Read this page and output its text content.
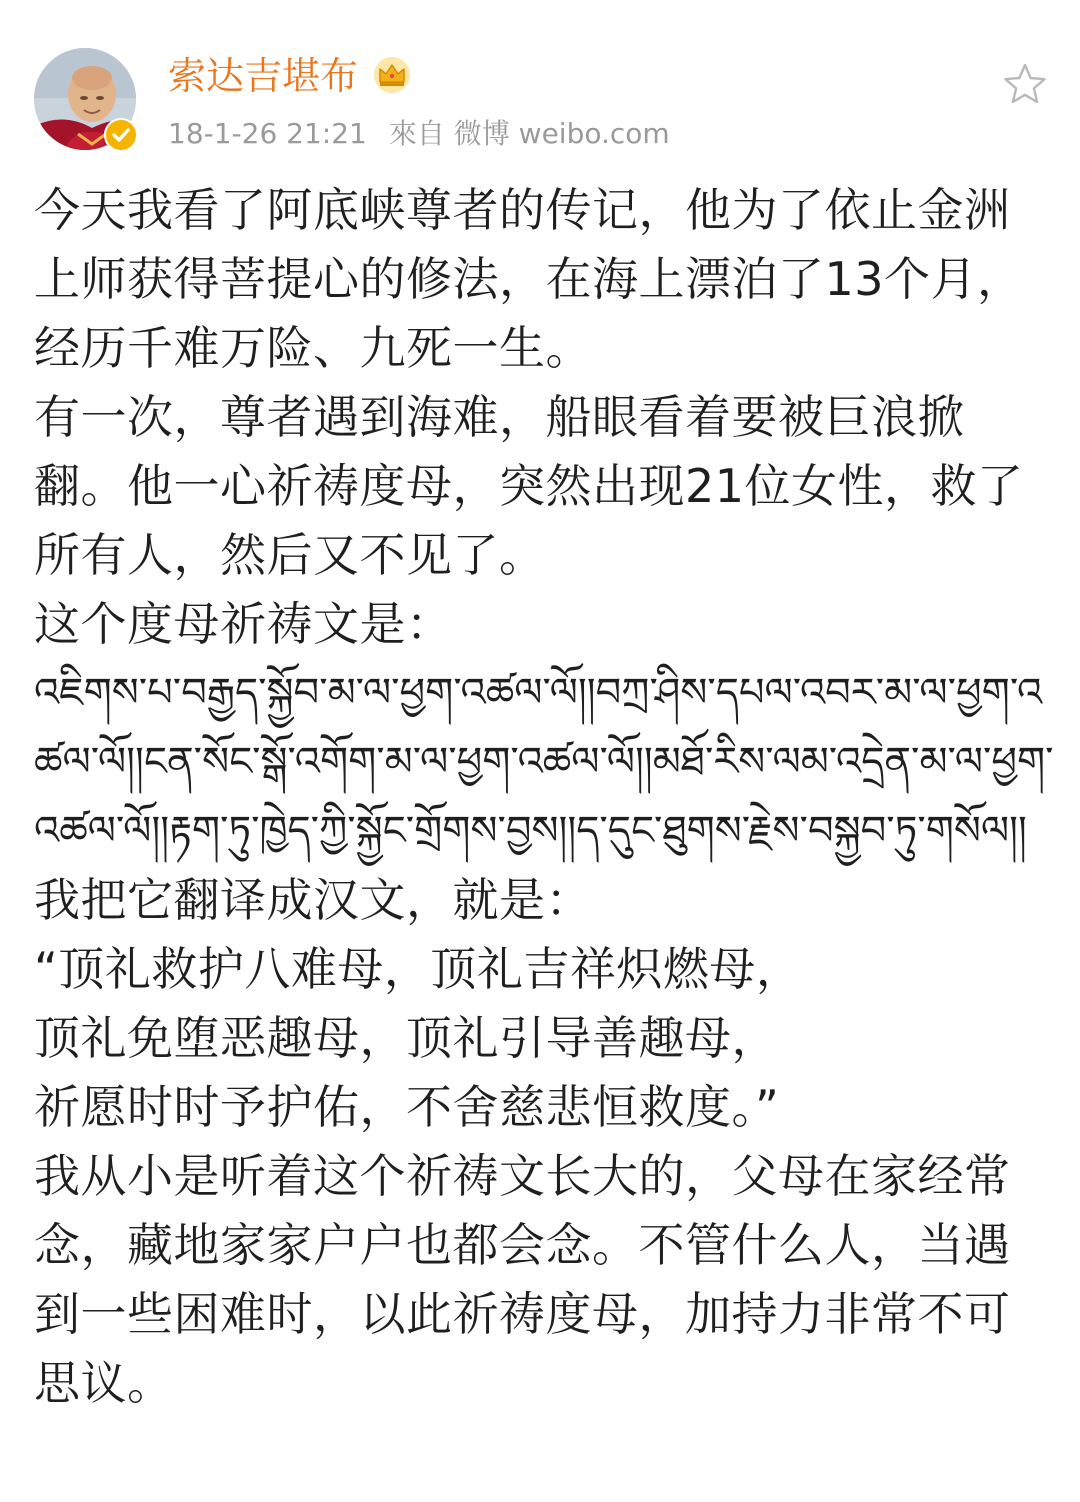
索达吉堪布
18-1-26 21:21 來自 微博 weibo.com

今天我看了阿底峡尊者的传记，他为了依止金洲上师获得菩提心的修法，在海上漂泊了13个月，经历千难万险、九死一生。

有一次，尊者遇到海难，船眼看着要被巨浪掀翻。他一心祈祷度母，突然出现21位女性，救了所有人，然后又不见了。

这个度母祈祷文是：

འཇིགས་པ་བརྒྱད་སྐྱོབ་མ་ལ་ཕྱག་འཚལ་ལོ།།བཀྲ་ཤིས་དཔལ་འབར་མ་ལ་ཕྱག་འཚལ་ལོ།།ངན་སོང་སྒོ་འགོག་མ་ལ་ཕྱག་འཚལ་ལོ།།མཐོ་རིས་ལམ་འདྲེན་མ་ལ་ཕྱག་འཚལ་ལོ།།རྟག་ཏུ་ཁྱེད་ཀྱི་སྐྱོང་གྲོགས་བྱས།།ད་དུང་ཐུགས་རྗེས་བསྐྱབ་ཏུ་གསོལ།།

我把它翻译成汉文，就是：

“顶礼救护八难母，顶礼吉祥炽燃母，

顶礼免堕恶趣母，顶礼引导善趣母，

祈愿时时予护佑，不舍慈悲恒救度。”

我从小是听着这个祈祷文长大的，父母在家经常念，藏地家家户户也都会念。不管什么人，当遇到一些困难时，以此祈祷度母，加持力非常不可思议。
